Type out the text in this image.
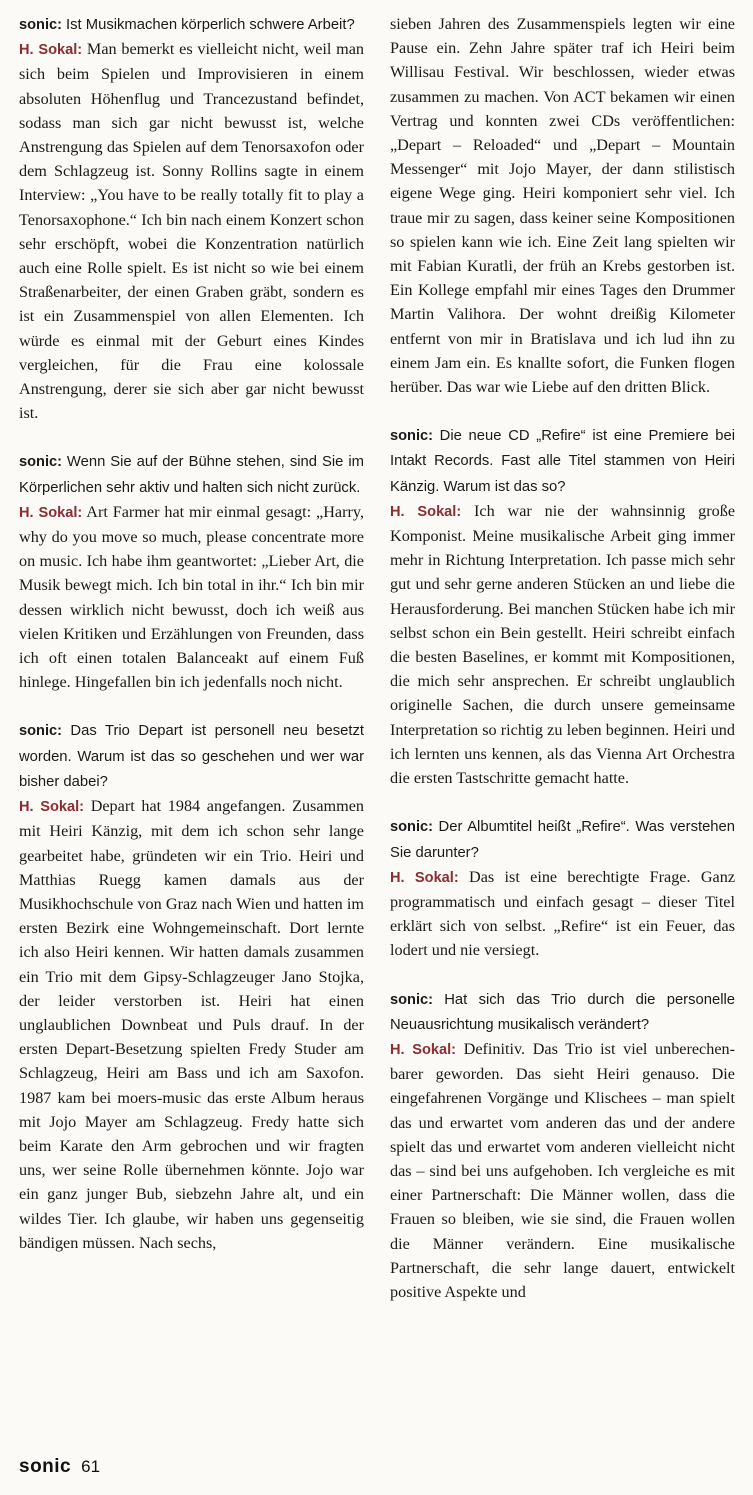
sonic: Ist Musikmachen körperlich schwere Arbeit?

H. Sokal: Man bemerkt es vielleicht nicht, weil man sich beim Spielen und Improvisieren in einem absoluten Höhenflug und Trancezustand befindet, sodass man sich gar nicht bewusst ist, welche Anstrengung das Spielen auf dem Tenorsaxofon oder dem Schlagzeug ist. Sonny Rollins sagte in einem Interview: „You have to be really totally fit to play a Tenorsaxophone.“ Ich bin nach einem Konzert schon sehr erschöpft, wobei die Konzentration natürlich auch eine Rolle spielt. Es ist nicht so wie bei einem Straßenarbeiter, der einen Graben gräbt, sondern es ist ein Zusammenspiel von allen Elementen. Ich würde es einmal mit der Geburt eines Kindes vergleichen, für die Frau eine kolossale Anstrengung, derer sie sich aber gar nicht bewusst ist.

sonic: Wenn Sie auf der Bühne stehen, sind Sie im Körperlichen sehr aktiv und halten sich nicht zurück.

H. Sokal: Art Farmer hat mir einmal gesagt: „Harry, why do you move so much, please concentrate more on music. Ich habe ihm geantwortet: „Lieber Art, die Musik bewegt mich. Ich bin total in ihr.“ Ich bin mir dessen wirklich nicht bewusst, doch ich weiß aus vielen Kritiken und Erzählungen von Freunden, dass ich oft einen totalen Balanceakt auf einem Fuß hinlege. Hingefallen bin ich jedenfalls noch nicht.

sonic: Das Trio Depart ist personell neu besetzt worden. Warum ist das so geschehen und wer war bisher dabei?

H. Sokal: Depart hat 1984 angefangen. Zusammen mit Heiri Känzig, mit dem ich schon sehr lange gearbeitet habe, gründeten wir ein Trio. Heiri und Matthias Ruegg kamen damals aus der Musikhochschule von Graz nach Wien und hatten im ersten Bezirk eine Wohngemeinschaft. Dort lernte ich also Heiri kennen. Wir hatten damals zusammen ein Trio mit dem Gipsy-Schlagzeuger Jano Stojka, der leider verstorben ist. Heiri hat einen unglaublichen Downbeat und Puls drauf. In der ersten Depart-Besetzung spielten Fredy Studer am Schlagzeug, Heiri am Bass und ich am Saxofon. 1987 kam bei moers-music das erste Album heraus mit Jojo Mayer am Schlagzeug. Fredy hatte sich beim Karate den Arm gebrochen und wir fragten uns, wer seine Rolle übernehmen könnte. Jojo war ein ganz junger Bub, siebzehn Jahre alt, und ein wildes Tier. Ich glaube, wir haben uns gegenseitig bändigen müssen. Nach sechs,

sieben Jahren des Zusammenspiels legten wir eine Pause ein. Zehn Jahre später traf ich Heiri beim Willisau Festival. Wir beschlossen, wieder etwas zusammen zu machen. Von ACT bekamen wir einen Vertrag und konnten zwei CDs veröffentlichen: „Depart – Reloaded“ und „Depart – Mountain Messenger“ mit Jojo Mayer, der dann stilistisch eigene Wege ging. Heiri komponiert sehr viel. Ich traue mir zu sagen, dass keiner seine Kompositionen so spielen kann wie ich. Eine Zeit lang spielten wir mit Fabian Kuratli, der früh an Krebs gestorben ist. Ein Kollege empfahl mir eines Tages den Drummer Martin Valihora. Der wohnt dreißig Kilometer entfernt von mir in Bratislava und ich lud ihn zu einem Jam ein. Es knallte sofort, die Funken flogen herüber. Das war wie Liebe auf den dritten Blick.

sonic: Die neue CD „Refire“ ist eine Premiere bei Intakt Records. Fast alle Titel stammen von Heiri Känzig. Warum ist das so?

H. Sokal: Ich war nie der wahnsinnig große Komponist. Meine musikalische Arbeit ging immer mehr in Richtung Interpretation. Ich passe mich sehr gut und sehr gerne anderen Stücken an und liebe die Herausforderung. Bei manchen Stücken habe ich mir selbst schon ein Bein gestellt. Heiri schreibt einfach die besten Baselines, er kommt mit Kompositionen, die mich sehr ansprechen. Er schreibt unglaublich originelle Sachen, die durch unsere gemeinsame Interpretation so richtig zu leben beginnen. Heiri und ich lernten uns kennen, als das Vienna Art Orchestra die ersten Tastschritte gemacht hatte.

sonic: Der Albumtitel heißt „Refire“. Was verstehen Sie darunter?

H. Sokal: Das ist eine berechtigte Frage. Ganz programmatisch und einfach gesagt – dieser Titel erklärt sich von selbst. „Refire“ ist ein Feuer, das lodert und nie versiegt.

sonic: Hat sich das Trio durch die personelle Neuausrichtung musikalisch verändert?

H. Sokal: Definitiv. Das Trio ist viel unberechenbarer geworden. Das sieht Heiri genauso. Die eingefahrenen Vorgänge und Klischees – man spielt das und erwartet vom anderen das und der andere spielt das und erwartet vom anderen vielleicht nicht das – sind bei uns aufgehoben. Ich vergleiche es mit einer Partnerschaft: Die Männer wollen, dass die Frauen so bleiben, wie sie sind, die Frauen wollen die Männer verändern. Eine musikalische Partnerschaft, die sehr lange dauert, entwickelt positive Aspekte und

sonic 61
